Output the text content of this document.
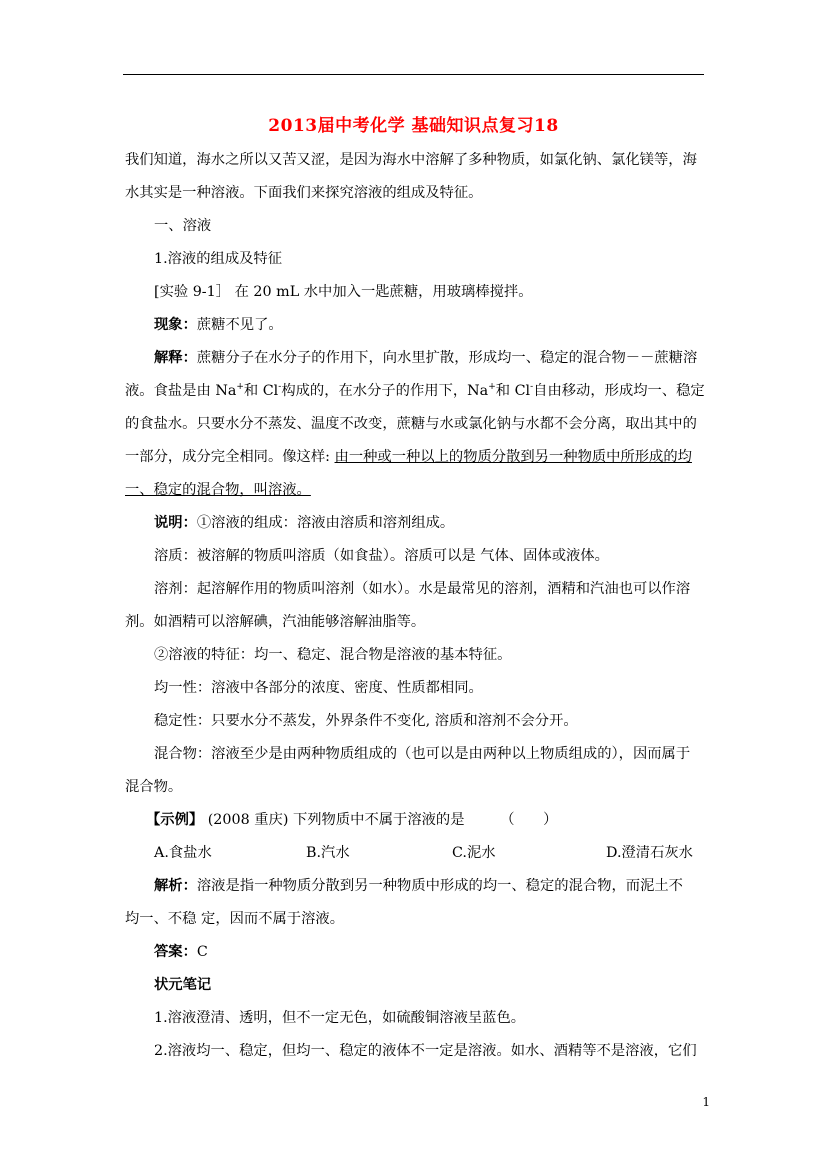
2013届中考化学 基础知识点复习18
我们知道，海水之所以又苦又涩，是因为海水中溶解了多种物质，如氯化钠、氯化镁等，海
水其实是一种溶液。下面我们来探究溶液的组成及特征。
一、溶液
1.溶液的组成及特征
[实验 9-1］ 在 20 mL 水中加入一匙蔗糖，用玻璃棒搅拌。
现象：蔗糖不见了。
解释：蔗糖分子在水分子的作用下，向水里扩散，形成均一、稳定的混合物－－蔗糖溶
液。食盐是由 Na+和 Cl-构成的，在水分子的作用下，Na+和 Cl-自由移动，形成均一、稳定
的食盐水。只要水分不蒸发、温度不改变，蔗糖与水或氯化钠与水都不会分离，取出其中的
一部分，成分完全相同。像这样: 由一种或一种以上的物质分散到另一种物质中所形成的均
一、稳定的混合物，叫溶液。
说明：①溶液的组成：溶液由溶质和溶剂组成。
溶质：被溶解的物质叫溶质（如食盐）。溶质可以是 气体、固体或液体。
溶剂：起溶解作用的物质叫溶剂（如水）。水是最常见的溶剂，酒精和汽油也可以作溶
剂。如酒精可以溶解碘，汽油能够溶解油脂等。
②溶液的特征：均一、稳定、混合物是溶液的基本特征。
均一性：溶液中各部分的浓度、密度、性质都相同。
稳定性：只要水分不蒸发，外界条件不变化, 溶质和溶剂不会分开。
混合物：溶液至少是由两种物质组成的（也可以是由两种以上物质组成的），因而属于
混合物。
【示例】 (2008 重庆) 下列物质中不属于溶液的是　　　（　　）
A.食盐水	B.汽水	C.泥水	D.澄清石灰水
解析：溶液是指一种物质分散到另一种物质中形成的均一、稳定的混合物，而泥土不
均一、不稳 定，因而不属于溶液。
答案：C
状元笔记
1.溶液澄清、透明，但不一定无色，如硫酸铜溶液呈蓝色。
2.溶液均一、稳定，但均一、稳定的液体不一定是溶液。如水、酒精等不是溶液，它们
1
